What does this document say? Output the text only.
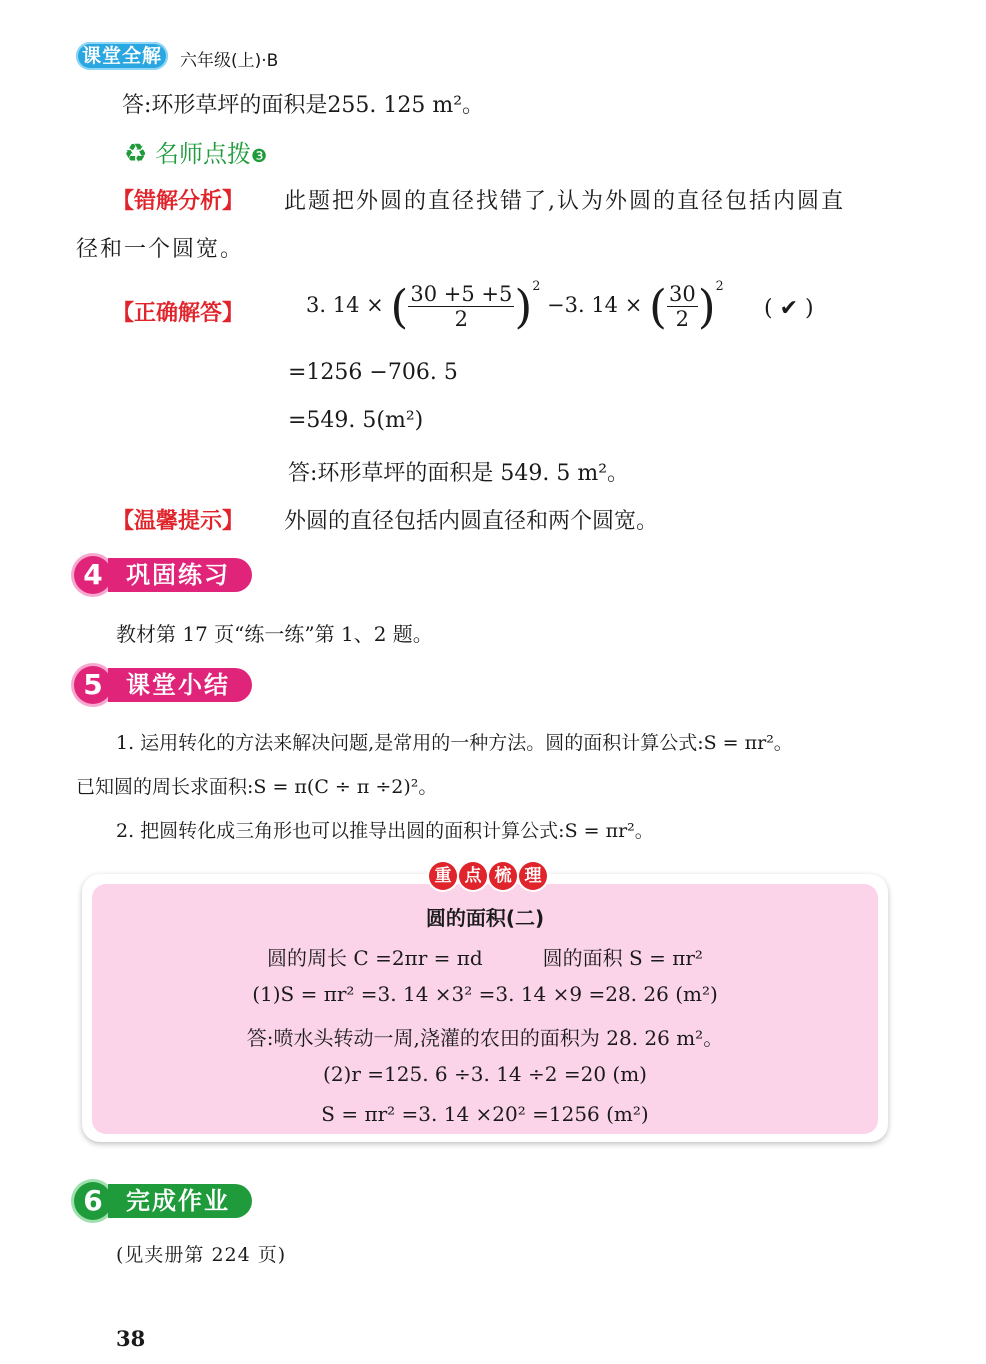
课堂全解	六年级(上)·B
答:环形草坪的面积是255. 125 m²。
♻ 名师点拨❸
【错解分析】 此题把外圆的直径找错了,认为外圆的直径包括内圆直
径和一个圆宽。
【正确解答】	3. 14 × ( $\frac{30 +5 +5}{2} )^2 -3$. 14 × ( $\frac{30}{2} )^2$
( ✔ )
=1256 −706. 5
=549. 5(m²)
答:环形草坪的面积是 549. 5 m²。
【温馨提示】 外圆的直径包括内圆直径和两个圆宽。
4 巩固练习
教材第 17 页“练一练”第 1、2 题。
5 课堂小结
1. 运用转化的方法来解决问题,是常用的一种方法。圆的面积计算公式:S = πr²。
已知圆的周长求面积:S = π(C ÷ π ÷2)²。
2. 把圆转化成三角形也可以推导出圆的面积计算公式:S = πr²。
重 点 梳 理
圆的面积(二)
圆的周长 C =2πr = πd　　　圆的面积 S = πr²
(1)S = πr² =3. 14 ×3² =3. 14 ×9 =28. 26 (m²)
答:喷水头转动一周,浇灌的农田的面积为 28. 26 m²。
(2)r =125. 6 ÷3. 14 ÷2 =20 (m)
S = πr² =3. 14 ×20² =1256 (m²)
6 完成作业
(见夹册第 224 页)
38
